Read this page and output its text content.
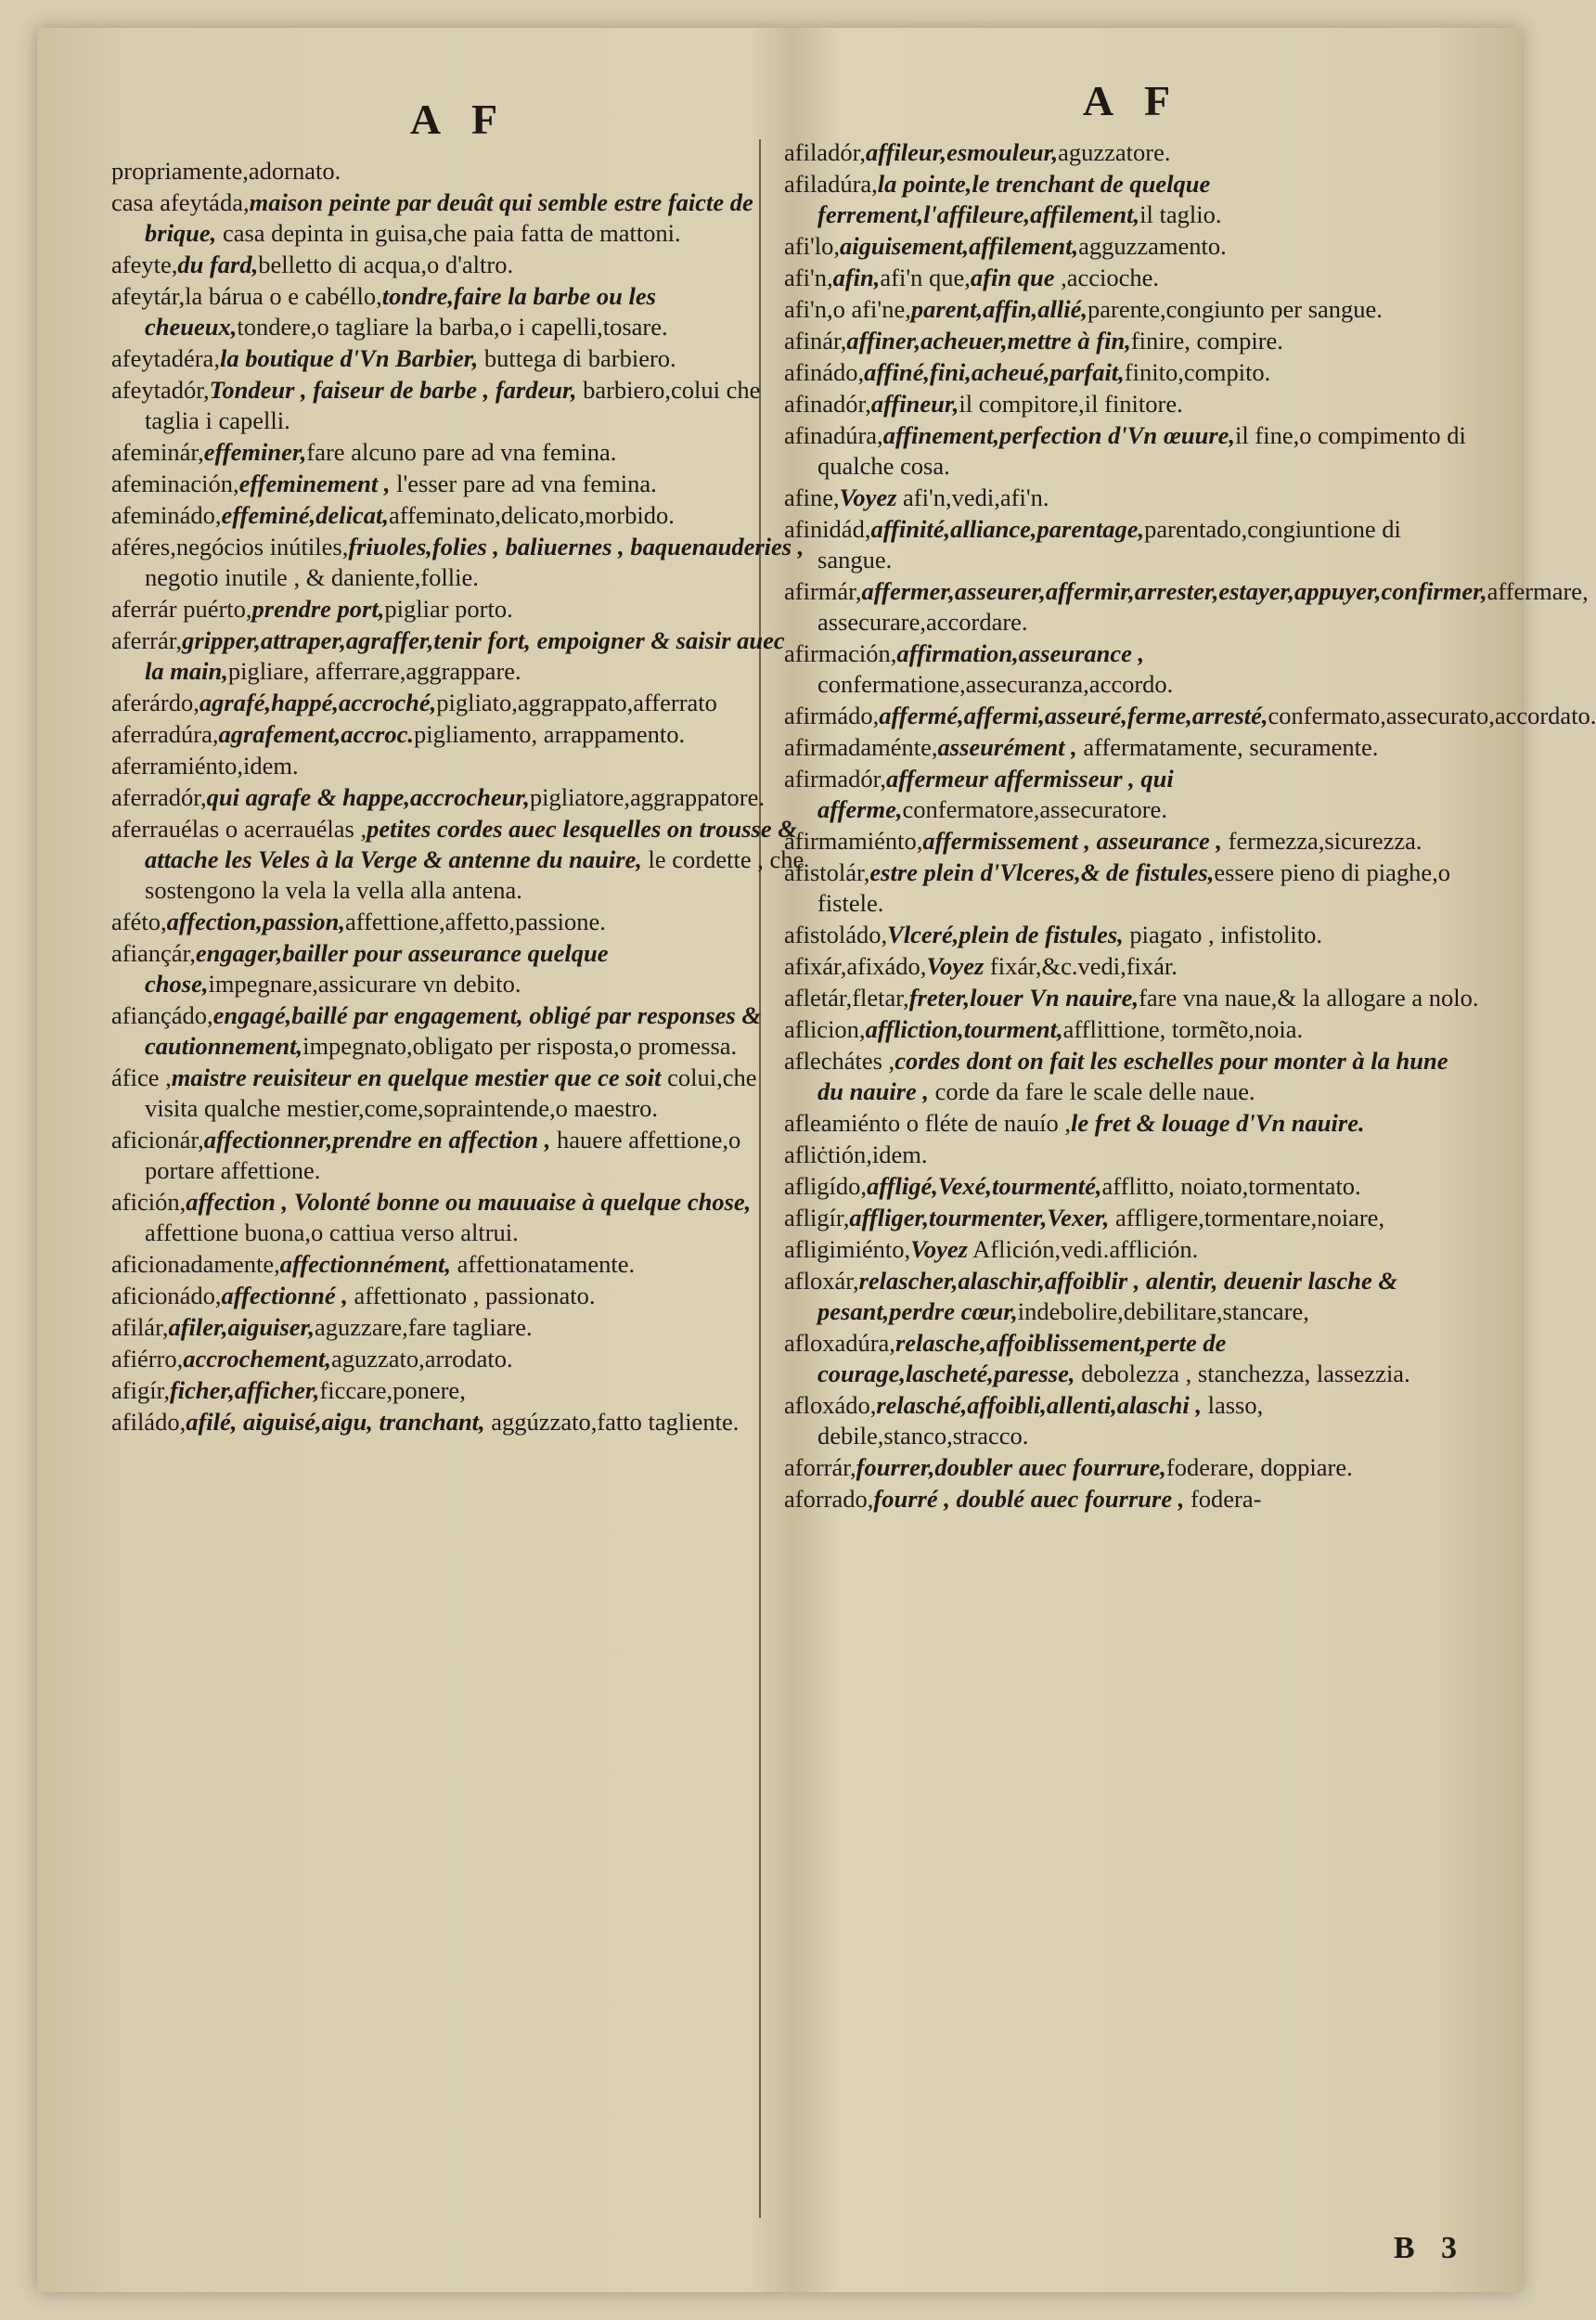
A F

propriamente,adornato.

casa afeytáda,maison peinte par deuât qui semble estre faicte de brique, casa depinta in guisa,che paia fatta de mattoni.

afeyte,du fard,belletto di acqua,o d'altro.

afeytár,la bárua o e cabéllo,tondre,faire la barbe ou les cheueux,tondere,o tagliare la barba,o i capelli,tosare.

afeytadéra,la boutique d'Vn Barbier, buttega di barbiero.

afeytadór,Tondeur , faiseur de barbe , fardeur, barbiero,colui che taglia i capelli.

afeminár,effeminer,fare alcuno pare ad vna femina.

afeminación,effeminement , l'esser pare ad vna femina.

afeminádo,effeminé,delicat,affeminato,delicato,morbido.

aféres,negócios inútiles,friuoles,folies , baliuernes , baquenauderies , negotio inutile , & daniente,follie.

aferrár puérto,prendre port,pigliar porto.

aferrár,gripper,attraper,agraffer,tenir fort, empoigner & saisir auec la main,pigliare, afferrare,aggrappare.

aferárdo,agrafé,happé,accroché,pigliato,aggrappato,afferrato

aferradúra,agrafement,accroc.pigliamento, arrappamento.

aferramiénto,idem.

aferradór,qui agrafe & happe,accrocheur,pigliatore,aggrappatore.

aferrauélas o acerrauélas ,petites cordes auec lesquelles on trousse & attache les Veles à la Verge & antenne du nauire, le cordette , che sostengono la vela la vella alla antena.

aféto,affection,passion,affettione,affetto,passione.

afiançár,engager,bailler pour asseurance quelque chose,impegnare,assicurare vn debito.

afiançádo,engagé,baillé par engagement, obligé par responses & cautionnement,impegnato,obligato per risposta,o promessa.

áfice ,maistre reuisiteur en quelque mestier que ce soit colui,che visita qualche mestier,come,sopraintende,o maestro.

aficionár,affectionner,prendre en affection , hauere affettione,o portare affettione.

afición,affection , Volonté bonne ou mauuaise à quelque chose, affettione buona,o cattiua verso altrui.

aficionadamente,affectionnément, affettionatamente.

aficionádo,affectionné , affettionato , passionato.

afilár,afiler,aiguiser,aguzzare,fare tagliare.

afiérro,accrochement,aguzzato,arrodato.

afigír,ficher,afficher,ficcare,ponere,

afiládo,afilé, aiguisé,aigu, tranchant, aggúzzato,fatto tagliente.

A F

afiladór,affileur,esmouleur,aguzzatore.

afiladúra,la pointe,le trenchant de quelque ferrement,l'affileure,affilement,il taglio.

afi'lo,aiguisement,affilement,agguzzamento.

afi'n,afin,afi'n que,afin que ,accioche.

afi'n,o afi'ne,parent,affin,allié,parente,congiunto per sangue.

afinár,affiner,acheuer,mettre à fin,finire, compire.

afinádo,affiné,fini,acheué,parfait,finito,compito.

afinadór,affineur,il compitore,il finitore.

afinadúra,affinement,perfection d'Vn œuure,il fine,o compimento di qualche cosa.

afine,Voyez afi'n,vedi,afi'n.

afinidád,affinité,alliance,parentage,parentado,congiuntione di sangue.

afirmár,affermer,asseurer,affermir,arrester,estayer,appuyer,confirmer,affermare, assecurare,accordare.

afirmación,affirmation,asseurance , confermatione,assecuranza,accordo.

afirmádo,affermé,affermi,asseuré,ferme,arresté,confermato,assecurato,accordato.

afirmadaménte,asseurément , affermatamente, securamente.

afirmadór,affermeur affermisseur , qui afferme,confermatore,assecuratore.

afirmamiénto,affermissement , asseurance , fermezza,sicurezza.

afistolár,estre plein d'Vlceres,& de fistules,essere pieno di piaghe,o fistele.

afistoládo,Vlceré,plein de fistules, piagato , infistolito.

afixár,afixádo,Voyez fixár,&c.vedi,fixár.

afletár,fletar,freter,louer Vn nauire,fare vna naue,& la allogare a nolo.

aflicion,affliction,tourment,afflittione, tormẽto,noia.

aflechátes ,cordes dont on fait les eschelles pour monter à la hune du nauire , corde da fare le scale delle naue.

afleamiénto o fléte de nauío ,le fret & louage d'Vn nauire.

afliċtión,idem.

afligído,affligé,Vexé,tourmenté,afflitto, noiato,tormentato.

afligír,affliger,tourmenter,Vexer, affligere,tormentare,noiare,

afligimiénto,Voyez Aflición,vedi.afflición.

afloxár,relascher,alaschir,affoiblir , alentir, deuenir lasche & pesant,perdre cœur,indebolire,debilitare,stancare,

afloxadúra,relasche,affoiblissement,perte de courage,lascheté,paresse, debolezza , stanchezza, lassezzia.

afloxádo,relasché,affoibli,allenti,alaschi , lasso, debile,stanco,stracco.

aforrár,fourrer,doubler auec fourrure,foderare, doppiare.

aforrado,fourré , doublé auec fourrure , fodera-

B 3
